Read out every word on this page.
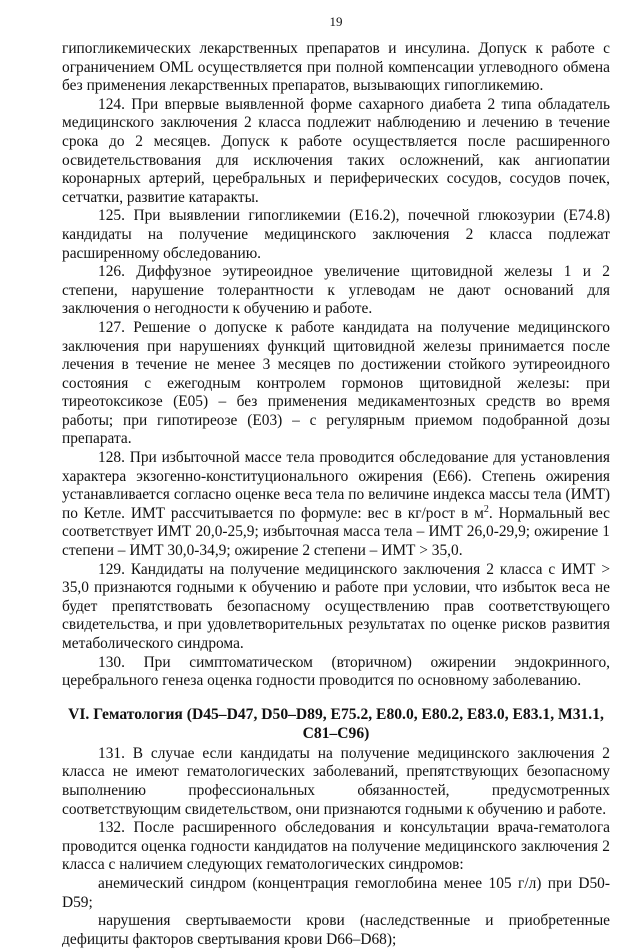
19

гипогликемических лекарственных препаратов и инсулина. Допуск к работе с ограничением OML осуществляется при полной компенсации углеводного обмена без применения лекарственных препаратов, вызывающих гипогликемию.

124. При впервые выявленной форме сахарного диабета 2 типа обладатель медицинского заключения 2 класса подлежит наблюдению и лечению в течение срока до 2 месяцев. Допуск к работе осуществляется после расширенного освидетельствования для исключения таких осложнений, как ангиопатии коронарных артерий, церебральных и периферических сосудов, сосудов почек, сетчатки, развитие катаракты.

125. При выявлении гипогликемии (Е16.2), почечной глюкозурии (Е74.8) кандидаты на получение медицинского заключения 2 класса подлежат расширенному обследованию.

126. Диффузное эутиреоидное увеличение щитовидной железы 1 и 2 степени, нарушение толерантности к углеводам не дают оснований для заключения о негодности к обучению и работе.

127. Решение о допуске к работе кандидата на получение медицинского заключения при нарушениях функций щитовидной железы принимается после лечения в течение не менее 3 месяцев по достижении стойкого эутиреоидного состояния с ежегодным контролем гормонов щитовидной железы: при тиреотоксикозе (Е05) – без применения медикаментозных средств во время работы; при гипотиреозе (Е03) – с регулярным приемом подобранной дозы препарата.

128. При избыточной массе тела проводится обследование для установления характера экзогенно-конституционального ожирения (Е66). Степень ожирения устанавливается согласно оценке веса тела по величине индекса массы тела (ИМТ) по Кетле. ИМТ рассчитывается по формуле: вес в кг/рост в $м^2$. Нормальный вес соответствует ИМТ 20,0-25,9; избыточная масса тела – ИМТ 26,0-29,9; ожирение 1 степени – ИМТ 30,0-34,9; ожирение 2 степени – ИМТ > 35,0.

129. Кандидаты на получение медицинского заключения 2 класса с ИМТ > 35,0 признаются годными к обучению и работе при условии, что избыток веса не будет препятствовать безопасному осуществлению прав соответствующего свидетельства, и при удовлетворительных результатах по оценке рисков развития метаболического синдрома.

130. При симптоматическом (вторичном) ожирении эндокринного, церебрального генеза оценка годности проводится по основному заболеванию.

VI. Гематология (D45–D47, D50–D89, E75.2, E80.0, E80.2, E83.0, E83.1, M31.1, C81–C96)

131. В случае если кандидаты на получение медицинского заключения 2 класса не имеют гематологических заболеваний, препятствующих безопасному выполнению профессиональных обязанностей, предусмотренных соответствующим свидетельством, они признаются годными к обучению и работе.

132. После расширенного обследования и консультации врача-гематолога проводится оценка годности кандидатов на получение медицинского заключения 2 класса с наличием следующих гематологических синдромов:

анемический синдром (концентрация гемоглобина менее 105 г/л) при D50-D59;

нарушения свертываемости крови (наследственные и приобретенные дефициты факторов свертывания крови D66–D68);
